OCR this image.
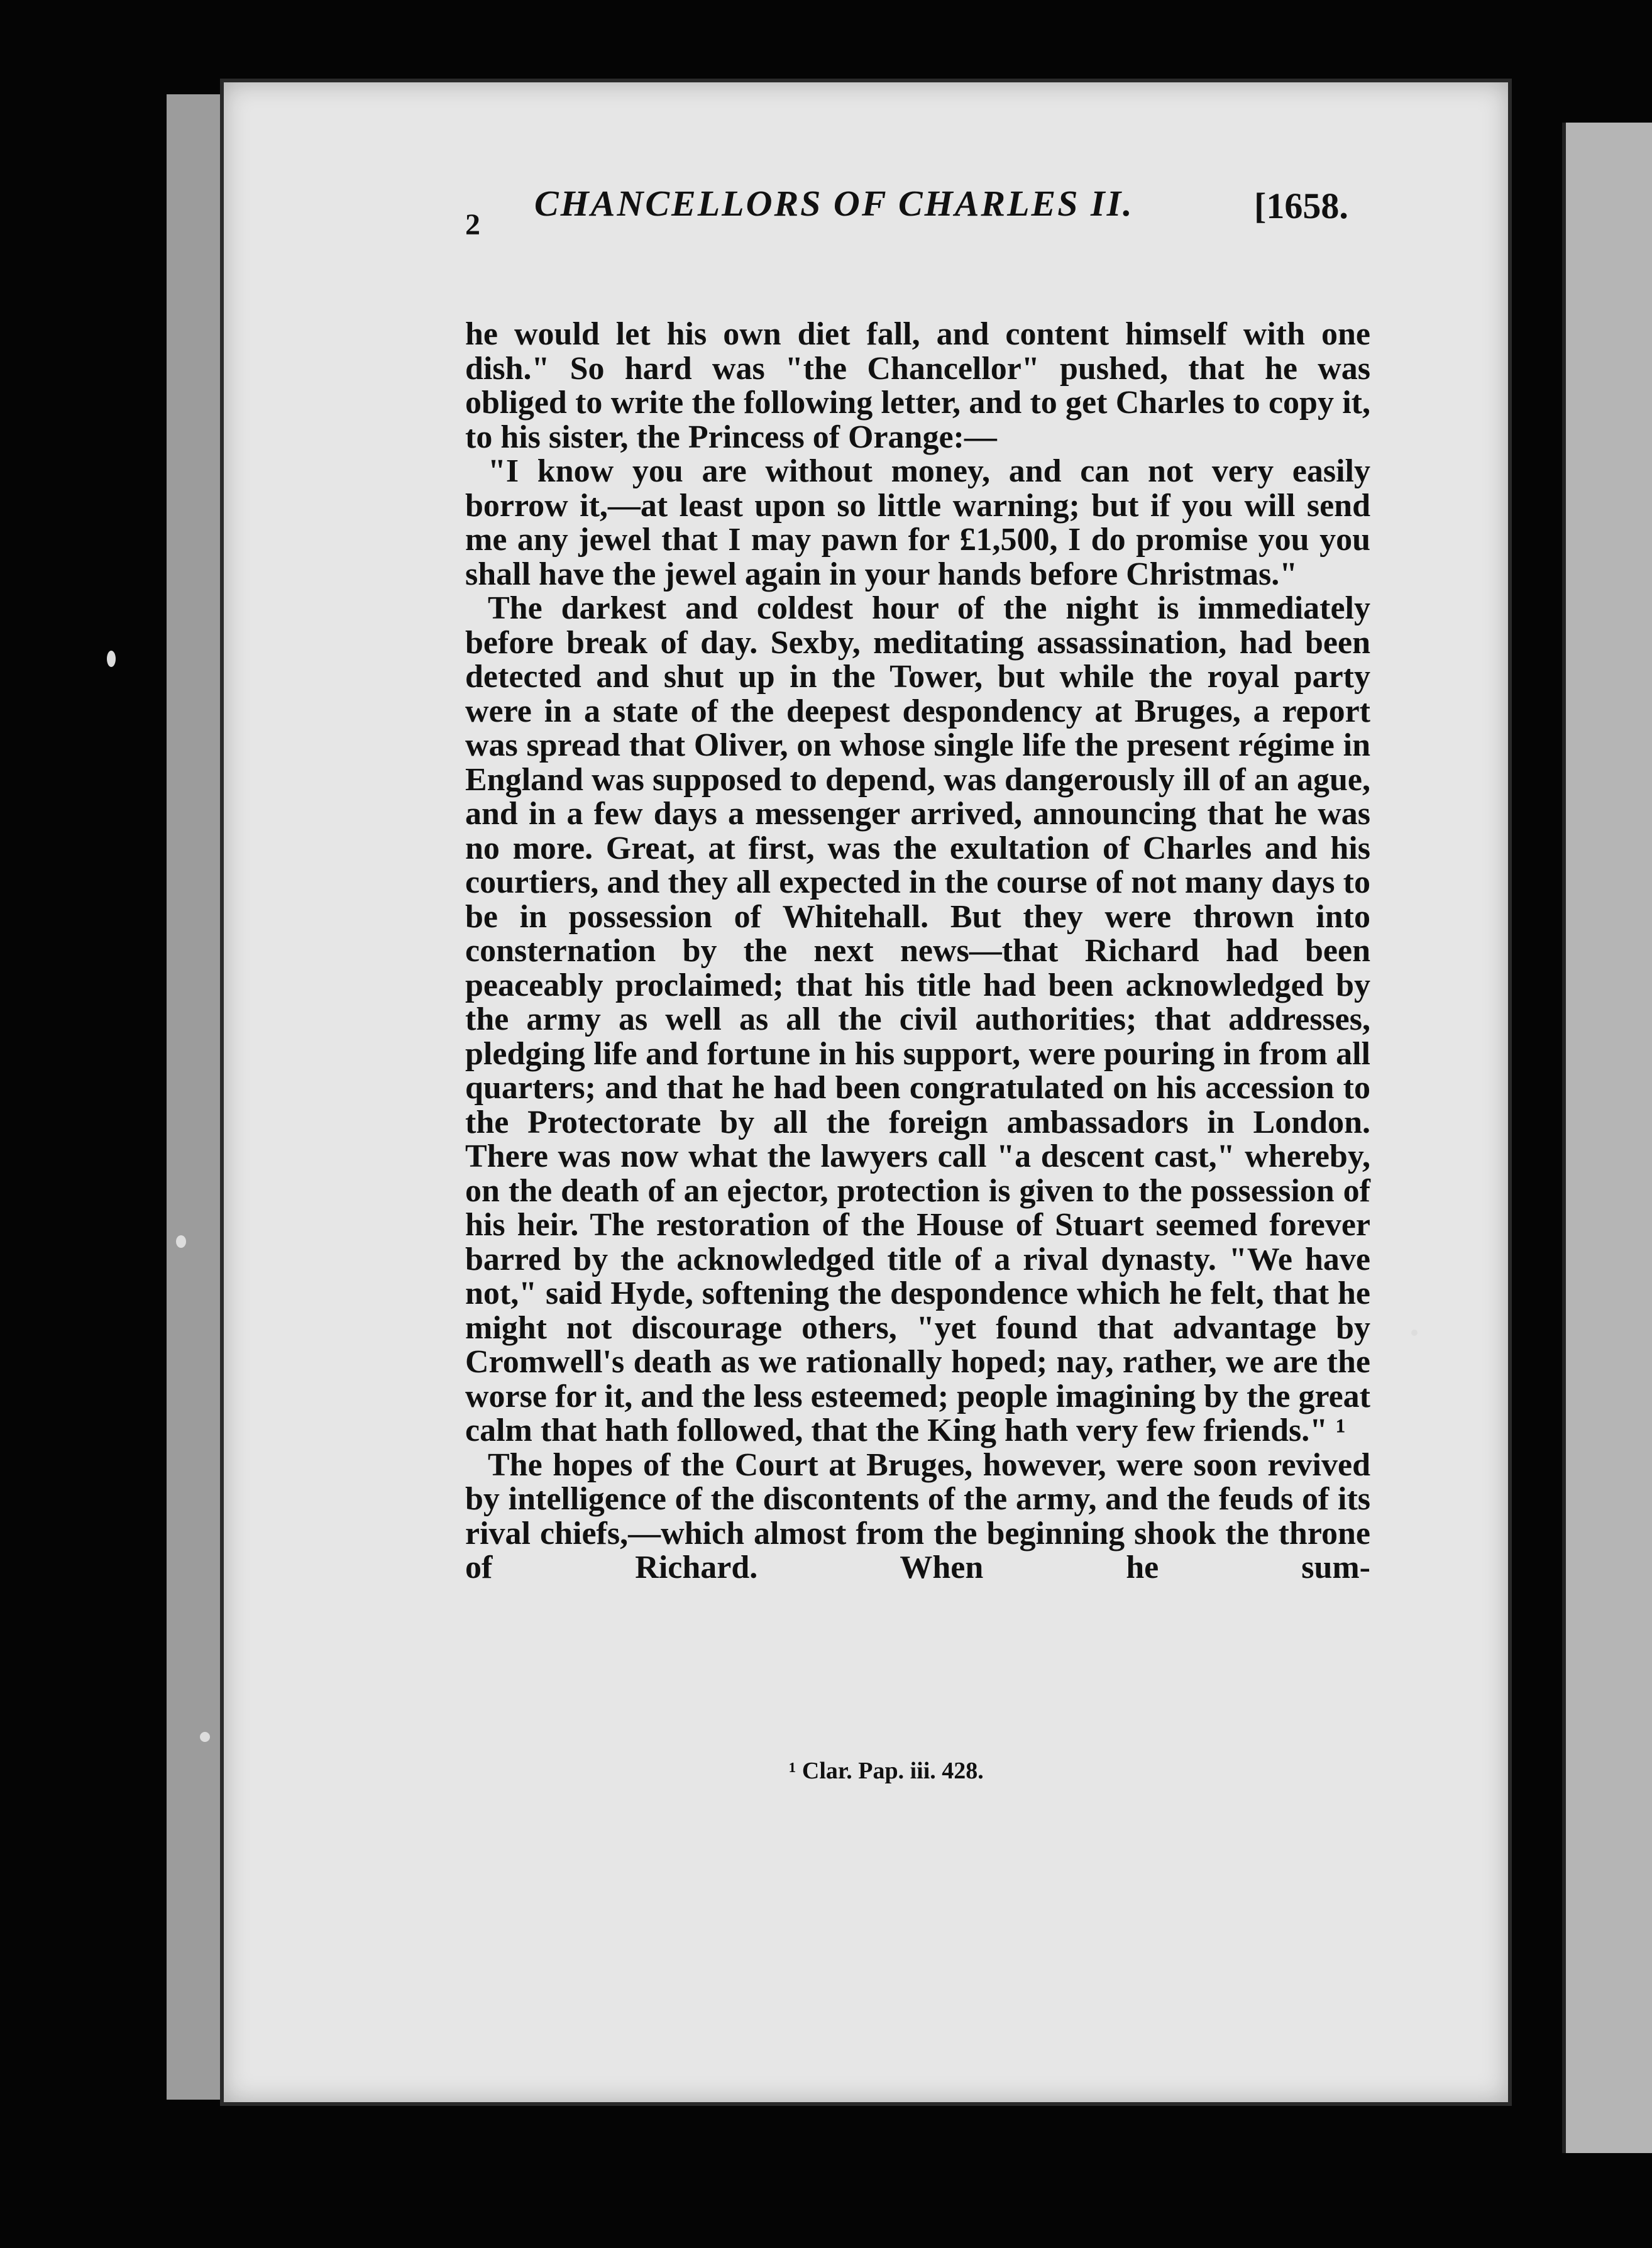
2
CHANCELLORS OF CHARLES II.	[1658.

he would let his own diet fall, and content himself with one dish." So hard was "the Chancellor" pushed, that he was obliged to write the following letter, and to get Charles to copy it, to his sister, the Princess of Orange:—

"I know you are without money, and can not very easily borrow it,—at least upon so little warning; but if you will send me any jewel that I may pawn for £1,500, I do promise you you shall have the jewel again in your hands before Christmas."

The darkest and coldest hour of the night is immediately before break of day. Sexby, meditating assassination, had been detected and shut up in the Tower, but while the royal party were in a state of the deepest despondency at Bruges, a report was spread that Oliver, on whose single life the present régime in England was supposed to depend, was dangerously ill of an ague, and in a few days a messenger arrived, announcing that he was no more. Great, at first, was the exultation of Charles and his courtiers, and they all expected in the course of not many days to be in possession of Whitehall. But they were thrown into consternation by the next news—that Richard had been peaceably proclaimed; that his title had been acknowledged by the army as well as all the civil authorities; that addresses, pledging life and fortune in his support, were pouring in from all quarters; and that he had been congratulated on his accession to the Protectorate by all the foreign ambassadors in London. There was now what the lawyers call "a descent cast," whereby, on the death of an ejector, protection is given to the possession of his heir. The restoration of the House of Stuart seemed forever barred by the acknowledged title of a rival dynasty. "We have not," said Hyde, softening the despondence which he felt, that he might not discourage others, "yet found that advantage by Cromwell's death as we rationally hoped; nay, rather, we are the worse for it, and the less esteemed; people imagining by the great calm that hath followed, that the King hath very few friends." ¹

The hopes of the Court at Bruges, however, were soon revived by intelligence of the discontents of the army, and the feuds of its rival chiefs,—which almost from the beginning shook the throne of Richard. When he sum-

¹ Clar. Pap. iii. 428.
